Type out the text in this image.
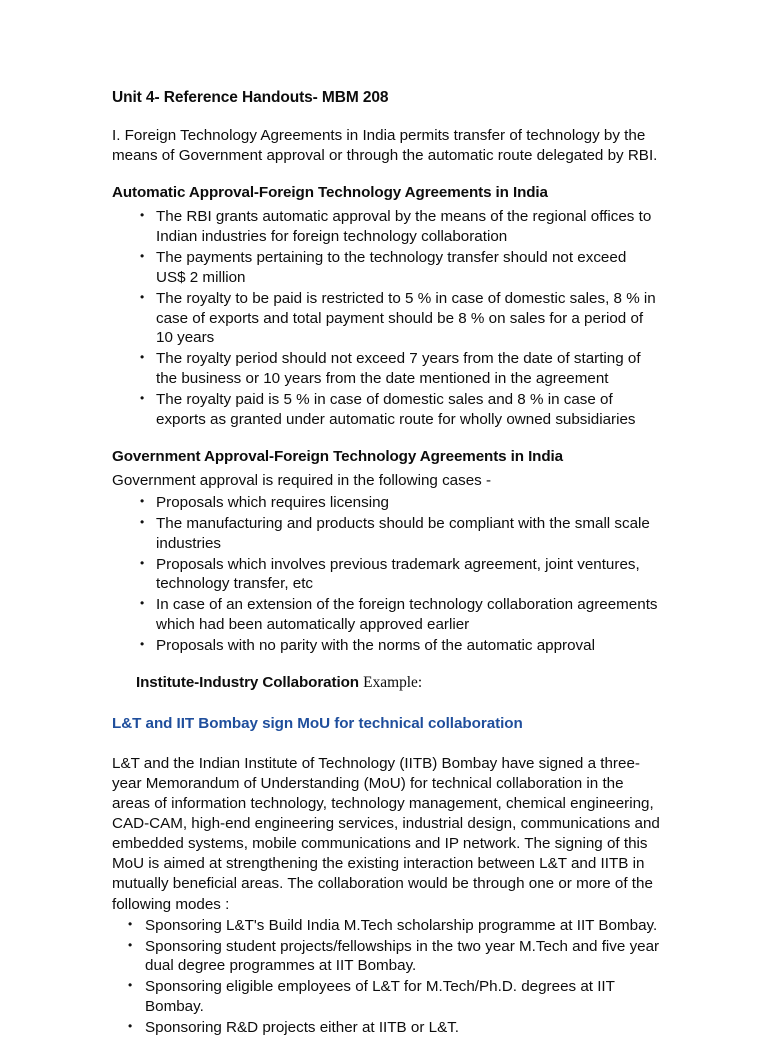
Unit 4- Reference Handouts- MBM 208

I. Foreign Technology Agreements in India permits transfer of technology by the means of Government approval or through the automatic route delegated by RBI.

Automatic Approval-Foreign Technology Agreements in India
• The RBI grants automatic approval by the means of the regional offices to Indian industries for foreign technology collaboration
• The payments pertaining to the technology transfer should not exceed US$ 2 million
• The royalty to be paid is restricted to 5 % in case of domestic sales, 8 % in case of exports and total payment should be 8 % on sales for a period of 10 years
• The royalty period should not exceed 7 years from the date of starting of the business or 10 years from the date mentioned in the agreement
• The royalty paid is 5 % in case of domestic sales and 8 % in case of exports as granted under automatic route for wholly owned subsidiaries
Government Approval-Foreign Technology Agreements in India

Government approval is required in the following cases -

• Proposals which requires licensing
• The manufacturing and products should be compliant with the small scale industries
• Proposals which involves previous trademark agreement, joint ventures, technology transfer, etc
• In case of an extension of the foreign technology collaboration agreements which had been automatically approved earlier
• Proposals with no parity with the norms of the automatic approval

Institute-Industry Collaboration Example:

L&T and IIT Bombay sign MoU for technical collaboration

L&T and the Indian Institute of Technology (IITB) Bombay have signed a three-year Memorandum of Understanding (MoU) for technical collaboration in the areas of information technology, technology management, chemical engineering, CAD-CAM, high-end engineering services, industrial design, communications and embedded systems, mobile communications and IP network. The signing of this MoU is aimed at strengthening the existing interaction between L&T and IITB in mutually beneficial areas. The collaboration would be through one or more of the following modes :

• Sponsoring L&T's Build India M.Tech scholarship programme at IIT Bombay.
• Sponsoring student projects/fellowships in the two year M.Tech and five year dual degree programmes at IIT Bombay.
• Sponsoring eligible employees of L&T for M.Tech/Ph.D. degrees at IIT Bombay.
• Sponsoring R&D projects either at IITB or L&T.
